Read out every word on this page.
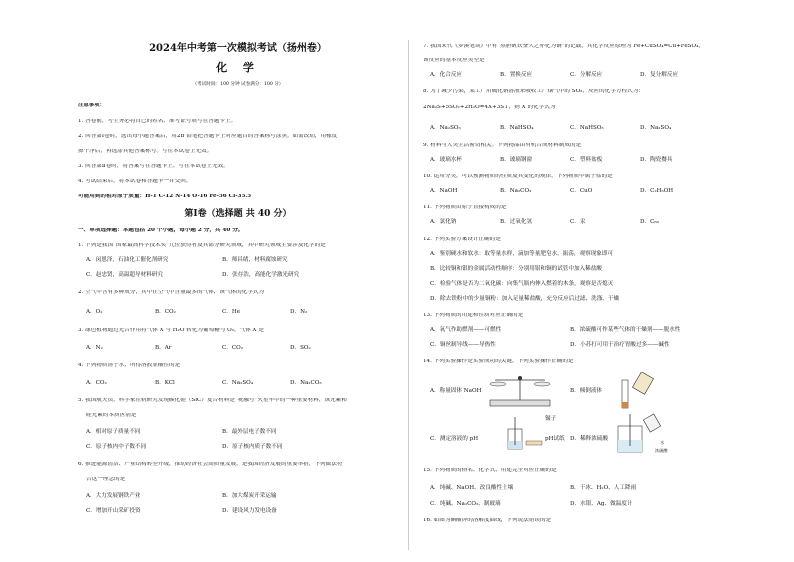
2024年中考第一次模拟考试（扬州卷）
化 学
（考试时间：100 分钟 试卷满分：100 分）
注意事项：
1. 答卷前，考生务必将自己的姓名、准考证号填写在答题卡上。
2. 回答第Ⅰ卷时，选出每小题答案后，用2B 铅笔把答题卡上对应题目的答案标号涂黑。如需改动，用橡皮
擦干净后，再选涂其他答案标号。写在本试卷上无效。
3. 回答第Ⅱ卷时，将答案写在答题卡上。写在本试卷上无效。
4. 考试结束后，将本试卷和答题卡一并交回。
可能用到的相对原子质量：H-1 C-12 N-14 O-16 Fe-56 Cl-35.5
第Ⅰ卷（选择题 共 40 分）
一、单项选择题：本题包括 20 个小题，每小题 2 分，共 40 分。
1. 下列是我国“国家最高科学技术奖”几位获得者及其部分研究领域，其中研究领域主要涉及化学的是
A．闵恩泽，石油化工催化剂研究	B．师昌绪，材料腐蚀研究
C．赵忠贤，高温超导材料研究	D．张存浩，高能化学激光研究
2. 空气中含有多种成分，其中在空气中含量最多的气体，该气体的化学式为
A．O₂	B．CO₂	C．He	D．N₂
3. 绿色植物通过光合作用将气体 X 与 H₂O 转化为葡萄糖与 O₂，气体 X 是
A．N₂	B．Ar	C．CO₂	D．SO₂
4. 下列物质溶于水，所得溶液显酸性的是
A．CO₂	B．KCl	C．Na₂SO₄	D．Na₂CO₃
5. 我国航天员、科学家在轨研究发现碳化硅（SiC）复合材料是“祝融号”火星车中的一种重要材料，该元素和
硅元素的本质区别是
A．相对原子质量不同	B．最外层电子数不同
C．原子核内中子数不同	D．原子核内质子数不同
6. 推进能源清洁、产业结构转型升级，推动经济社会高质量发展，是我国经济发展的重要举措，下列做法符
合这一理念的是
A．大力发展钢铁产业	B．加大煤炭开采运输
C．增加开山采矿投资	D．建设风力发电设备
7. 我国宋代《梦溪笔谈》中有“熬胆矾铁釜久之亦化为铜”的记载，其化学反应原理为 Fe+CuSO₄=Cu+FeSO₄，
该反应的基本反应类型是
A．化合反应	B．置换反应	C．分解反应	D．复分解反应
8. 为了减少污染，某工厂用硫化钠溶液来吸收工厂烟气中的 SO₂，反应的化学方程式为：
2Na₂S+5SO₂+2H₂O=4X+3S↓，则 X 的化学式为
A．Na₂SO₃	B．NaHSO₄	C．NaHSO₃	D．Na₂SO₄
9. 材料与人类生活密切相关。下列物品由有机合成材料制成的是
A．玻璃水杯	B．玻璃钢窗	C．塑料盆板	D．陶瓷餐具
10. 运用分类，可以预测物质的性质及其变化的规律，下列物质中属于盐的是
A．NaOH	B．Na₂CO₃	C．CuO	D．C₂H₅OH
11. 下列物质由原子直接构成的是
A．氯化钠	B．过氧化氢	C．汞	D．C₆₀
12. 下列实验方案设计正确的是
A．鉴别硬水和软水：取等量水样，滴加等量肥皂水，振荡，观察现象即可
B．比较铜和银的金属活动性顺序：分别用银和铜的试管中加入稀盐酸
C．检验气体是否为二氧化碳：向集气瓶内伸入燃着的木条，观察是否熄灭
D．除去铁粉中的少量铜粉：加入足量稀盐酸，充分反应后过滤、洗涤、干燥
13. 下列物质的用途和性质对应正确的是
A．氧气作助燃剂——可燃性	B．浓硫酸可作某些气体的干燥剂——脱水性
C．铜丝制导线——导热性	D．小苏打可用于治疗胃酸过多——碱性
14. 下列实验操作是实验成功的关键，下列实验操作正确的是
A．称量固体 NaOH	B．倾倒液体
镊子
pH试纸
C．测定溶液的 pH	D．稀释浓硫酸
水
浓硫酸
15. 下列物质的俗名、化学式、用途完全对应正确的是
A．纯碱、NaOH、改良酸性土壤	B．干冰、H₂O、人工降雨
C．纯碱、Na₂CO₃、制玻璃	D．水银、Ag、做温度计
16. 如图为硒酸钾的溶解度曲线，下列说法错误的是
